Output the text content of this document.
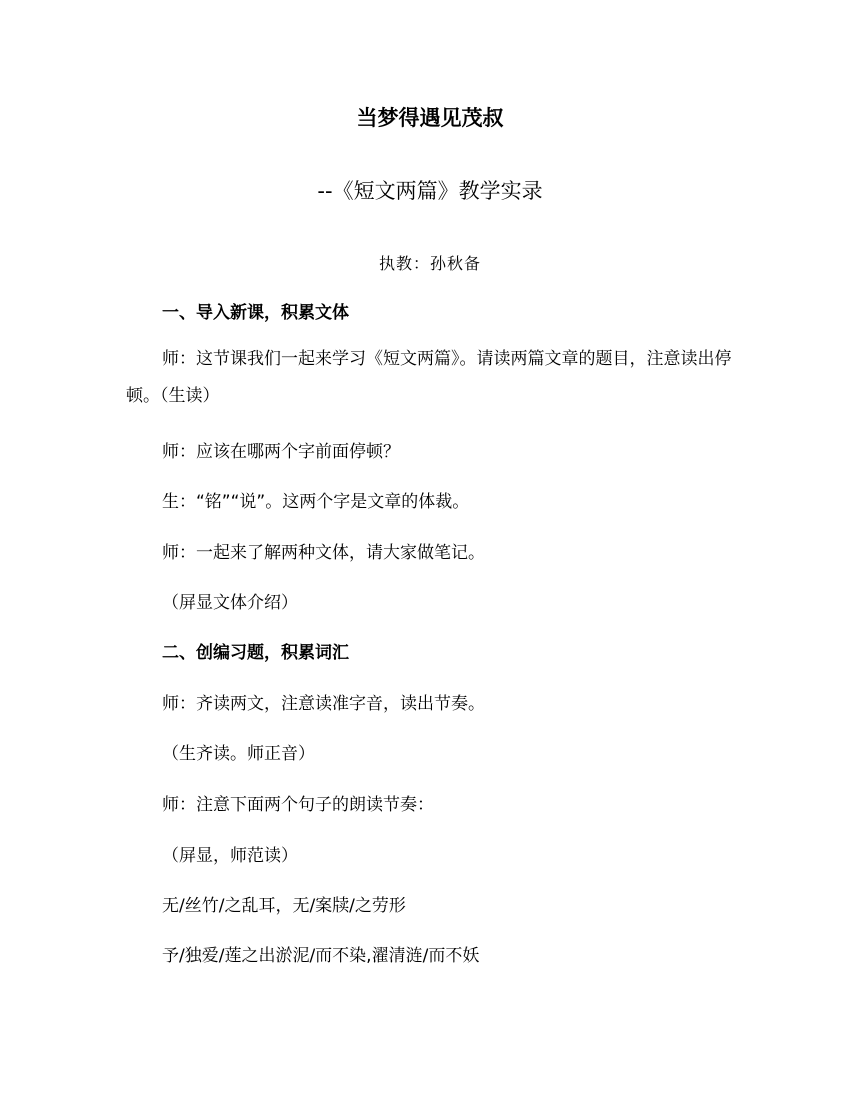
当梦得遇见茂叔
--《短文两篇》教学实录
执教：孙秋备
一、导入新课，积累文体
师：这节课我们一起来学习《短文两篇》。请读两篇文章的题目，注意读出停顿。（生读）
师：应该在哪两个字前面停顿？
生：“铭”“说”。这两个字是文章的体裁。
师：一起来了解两种文体，请大家做笔记。
（屏显文体介绍）
二、创编习题，积累词汇
师：齐读两文，注意读准字音，读出节奏。
（生齐读。师正音）
师：注意下面两个句子的朗读节奏：
（屏显，师范读）
无/丝竹/之乱耳，无/案牍/之劳形
予/独爱/莲之出淤泥/而不染,濯清涟/而不妖
